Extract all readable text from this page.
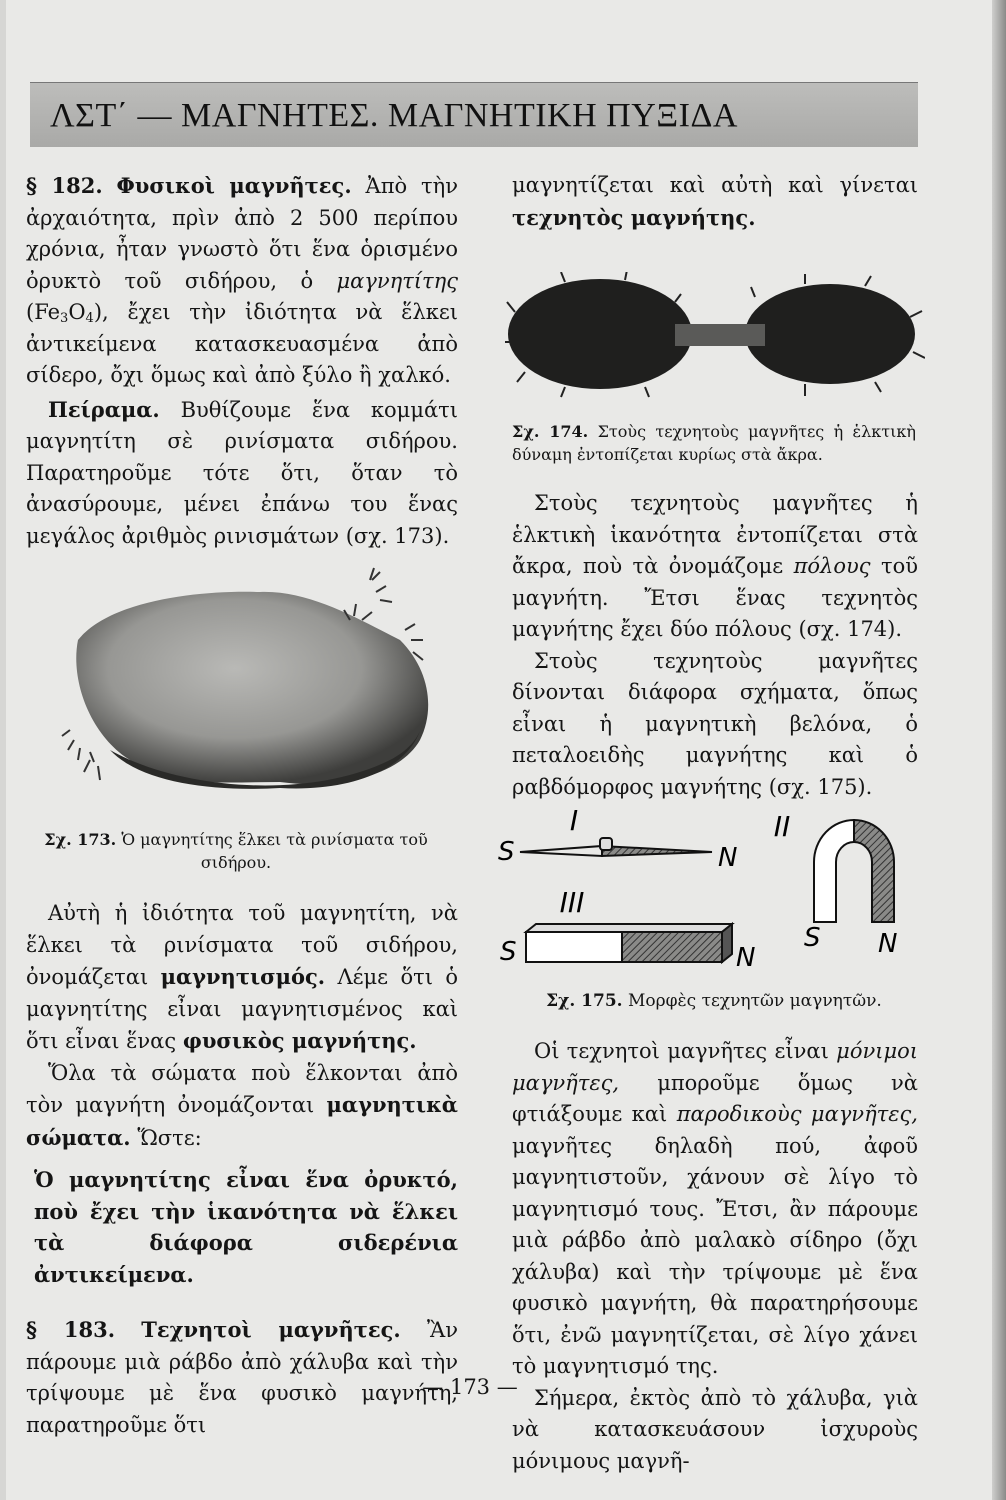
ΛΣΤ΄ — ΜΑΓΝΗΤΕΣ. ΜΑΓΝΗΤΙΚΗ ΠΥΞΙΔΑ

§ 182. Φυσικοὶ μαγνῆτες. Ἀπὸ τὴν ἀρχαιότητα, πρὶν ἀπὸ 2 500 περίπου χρόνια, ἦταν γνωστὸ ὅτι ἕνα ὁρισμένο ὀρυκτὸ τοῦ σιδήρου, ὁ μαγνητίτης $(Fe_3O_4)$, ἔχει τὴν ἰδιότητα νὰ ἕλκει ἀντικείμενα κατασκευασμένα ἀπὸ σίδερο, ὄχι ὅμως καὶ ἀπὸ ξύλο ἢ χαλκό.

Πείραμα. Βυθίζουμε ἕνα κομμάτι μαγνητίτη σὲ ρινίσματα σιδήρου. Παρατηροῦμε τότε ὅτι, ὅταν τὸ ἀνασύρουμε, μένει ἐπάνω του ἕνας μεγάλος ἀριθμὸς ρινισμάτων (σχ. 173).

Σχ. 173. Ὁ μαγνητίτης ἕλκει τὰ ρινίσματα τοῦ σιδήρου.

Αὐτὴ ἡ ἰδιότητα τοῦ μαγνητίτη, νὰ ἕλκει τὰ ρινίσματα τοῦ σιδήρου, ὀνομάζεται μαγνητισμός. Λέμε ὅτι ὁ μαγνητίτης εἶναι μαγνητισμένος καὶ ὅτι εἶναι ἕνας φυσικὸς μαγνήτης.

Ὅλα τὰ σώματα ποὺ ἕλκονται ἀπὸ τὸν μαγνήτη ὀνομάζονται μαγνητικὰ σώματα. Ὥστε:

Ὁ μαγνητίτης εἶναι ἕνα ὀρυκτό, ποὺ ἔχει τὴν ἱκανότητα νὰ ἕλκει τὰ διάφορα σιδερένια ἀντικείμενα.

§ 183. Τεχνητοὶ μαγνῆτες. Ἂν πάρουμε μιὰ ράβδο ἀπὸ χάλυβα καὶ τὴν τρίψουμε μὲ ἕνα φυσικὸ μαγνήτη, παρατηροῦμε ὅτι

μαγνητίζεται καὶ αὐτὴ καὶ γίνεται τεχνητὸς μαγνήτης.

Σχ. 174. Στοὺς τεχνητοὺς μαγνῆτες ἡ ἑλκτικὴ δύναμη ἐντοπίζεται κυρίως στὰ ἄκρα.

Στοὺς τεχνητοὺς μαγνῆτες ἡ ἑλκτικὴ ἱκανότητα ἐντοπίζεται στὰ ἄκρα, ποὺ τὰ ὀνομάζομε πόλους τοῦ μαγνήτη. Ἔτσι ἕνας τεχνητὸς μαγνήτης ἔχει δύο πόλους (σχ. 174).

Στοὺς τεχνητοὺς μαγνῆτες δίνονται διάφορα σχήματα, ὅπως εἶναι ἡ μαγνητικὴ βελόνα, ὁ πεταλοειδὴς μαγνήτης καὶ ὁ ραβδόμορφος μαγνήτης (σχ. 175).

I
S	N
II
S N
III
S	N
Σχ. 175. Μορφὲς τεχνητῶν μαγνητῶν.

Οἱ τεχνητοὶ μαγνῆτες εἶναι μόνιμοι μαγνῆτες, μποροῦμε ὅμως νὰ φτιάξουμε καὶ παροδικοὺς μαγνῆτες, μαγνῆτες δηλαδὴ πού, ἀφοῦ μαγνητιστοῦν, χάνουν σὲ λίγο τὸ μαγνητισμό τους. Ἔτσι, ἂν πάρουμε μιὰ ράβδο ἀπὸ μαλακὸ σίδηρο (ὄχι χάλυβα) καὶ τὴν τρίψουμε μὲ ἕνα φυσικὸ μαγνήτη, θὰ παρατηρήσουμε ὅτι, ἐνῶ μαγνητίζεται, σὲ λίγο χάνει τὸ μαγνητισμό της.

Σήμερα, ἐκτὸς ἀπὸ τὸ χάλυβα, γιὰ νὰ κατασκευάσουν ἰσχυροὺς μόνιμους μαγνῆ-

— 173 —
